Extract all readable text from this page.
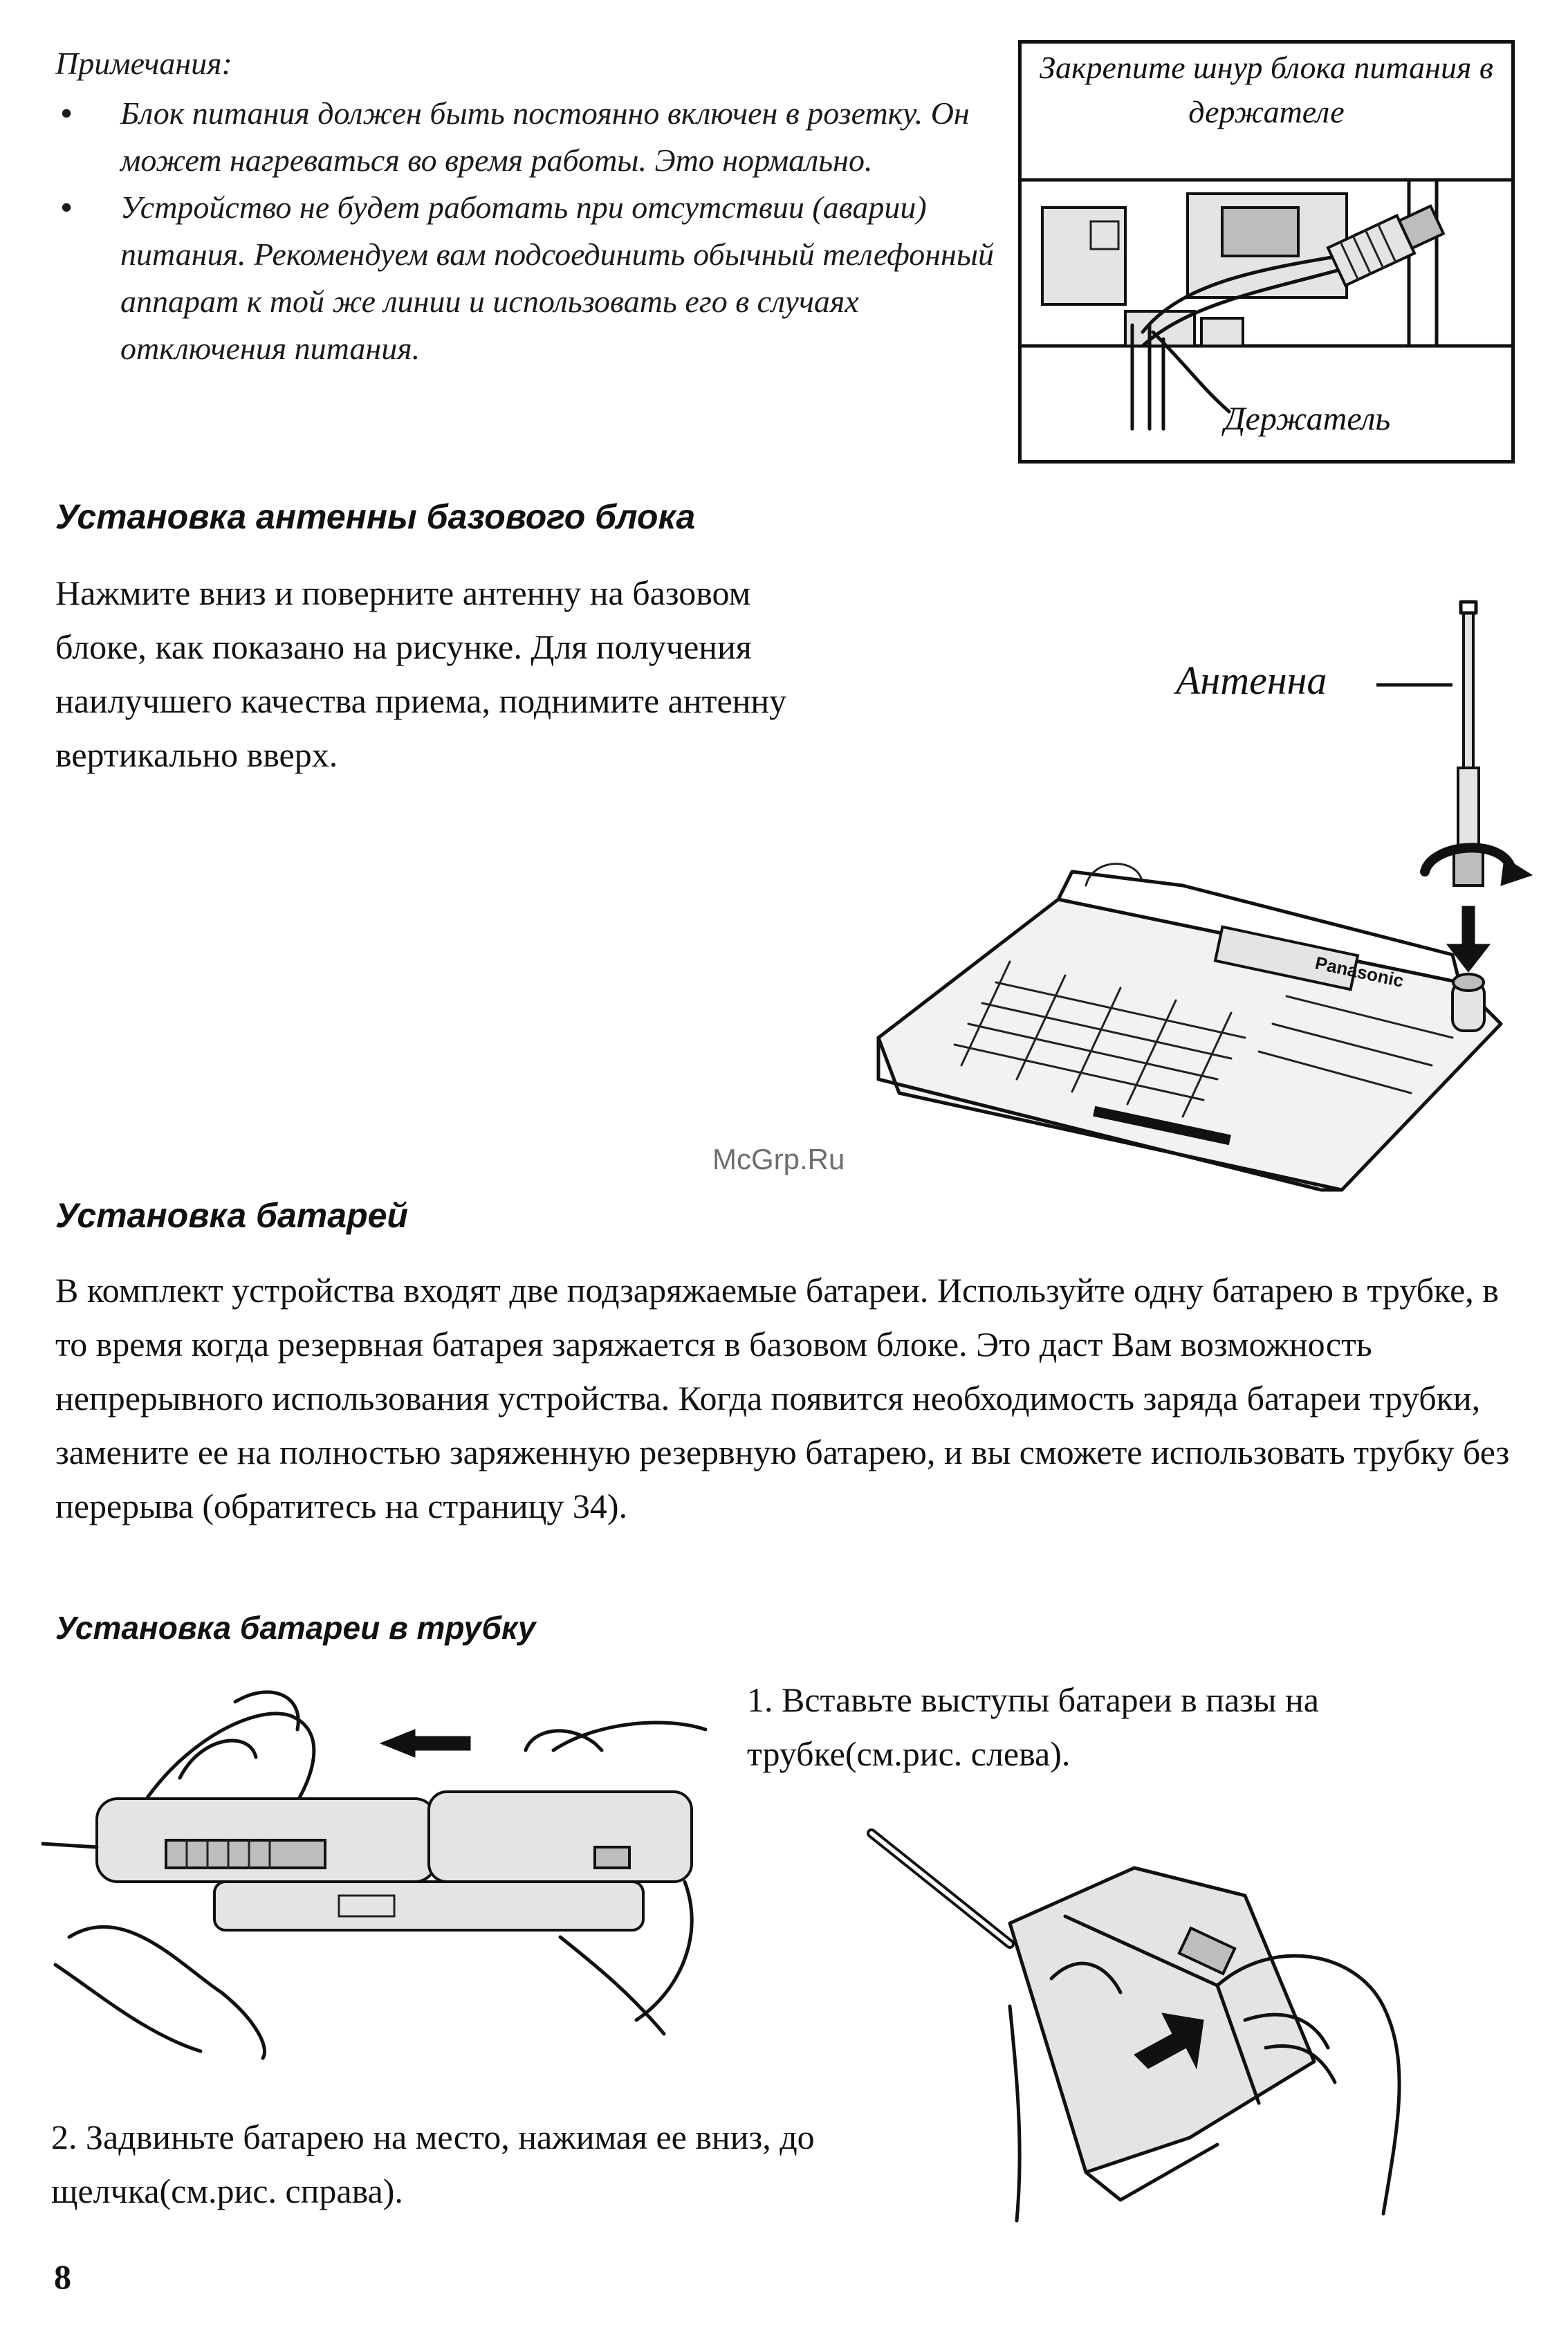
Примечания:
• Блок питания должен быть постоянно включен в розетку. Он может нагреваться во время работы. Это нормально.
• Устройство не будет работать при отсутствии (аварии) питания. Рекомендуем вам подсоединить обычный телефонный аппарат к той же линии и использовать его в случаях отключения питания.
Закрепите шнур блока питания в держателе
Держатель
Установка антенны базового блока
Нажмите вниз и поверните антенну на базовом блоке, как показано на рисунке. Для получения наилучшего качества приема, поднимите антенну вертикально вверх.
Антенна
Panasonic
McGrp.Ru
Установка батарей
В комплект устройства входят две подзаряжаемые батареи. Используйте одну батарею в трубке, в то время когда резервная батарея заряжается в базовом блоке. Это даст Вам возможность непрерывного использования устройства. Когда появится необходимость заряда батареи трубки, замените ее на полностью заряженную резервную батарею, и вы сможете использовать трубку без перерыва (обратитесь на страницу 34).
Установка батареи в трубку
1. Вставьте выступы батареи в пазы на трубке(см.рис. слева).
2. Задвиньте батарею на место, нажимая ее вниз, до щелчка(см.рис. справа).
8
